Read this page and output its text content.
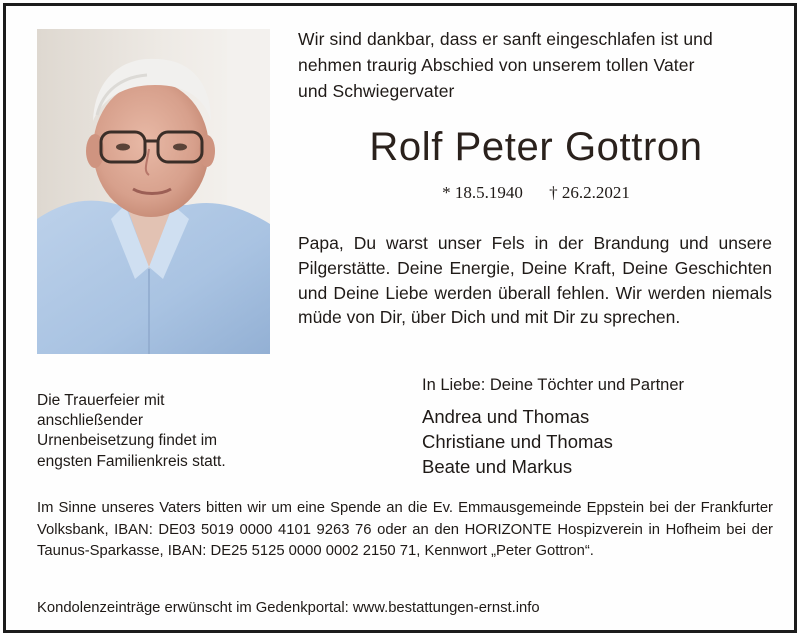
Wir sind dankbar, dass er sanft eingeschlafen ist und
nehmen traurig Abschied von unserem tollen Vater
und Schwiegervater
Rolf Peter Gottron
* 18.5.1940 † 26.2.2021
Papa, Du warst unser Fels in der Brandung und unsere Pilgerstätte. Deine Energie, Deine Kraft, Deine Geschichten und Deine Liebe werden überall fehlen. Wir werden niemals müde von Dir, über Dich und mit Dir zu sprechen.
Die Trauerfeier mit
anschließender
Urnenbeisetzung findet im
engsten Familienkreis statt.
In Liebe: Deine Töchter und Partner
Andrea und Thomas
Christiane und Thomas
Beate und Markus
Im Sinne unseres Vaters bitten wir um eine Spende an die Ev. Emmausgemeinde Eppstein bei der Frankfurter Volksbank, IBAN: DE03 5019 0000 4101 9263 76 oder an den HORIZONTE Hospizverein in Hofheim bei der Taunus-Sparkasse, IBAN: DE25 5125 0000 0002 2150 71, Kennwort „Peter Gottron“.
Kondolenzeinträge erwünscht im Gedenkportal: www.bestattungen-ernst.info
